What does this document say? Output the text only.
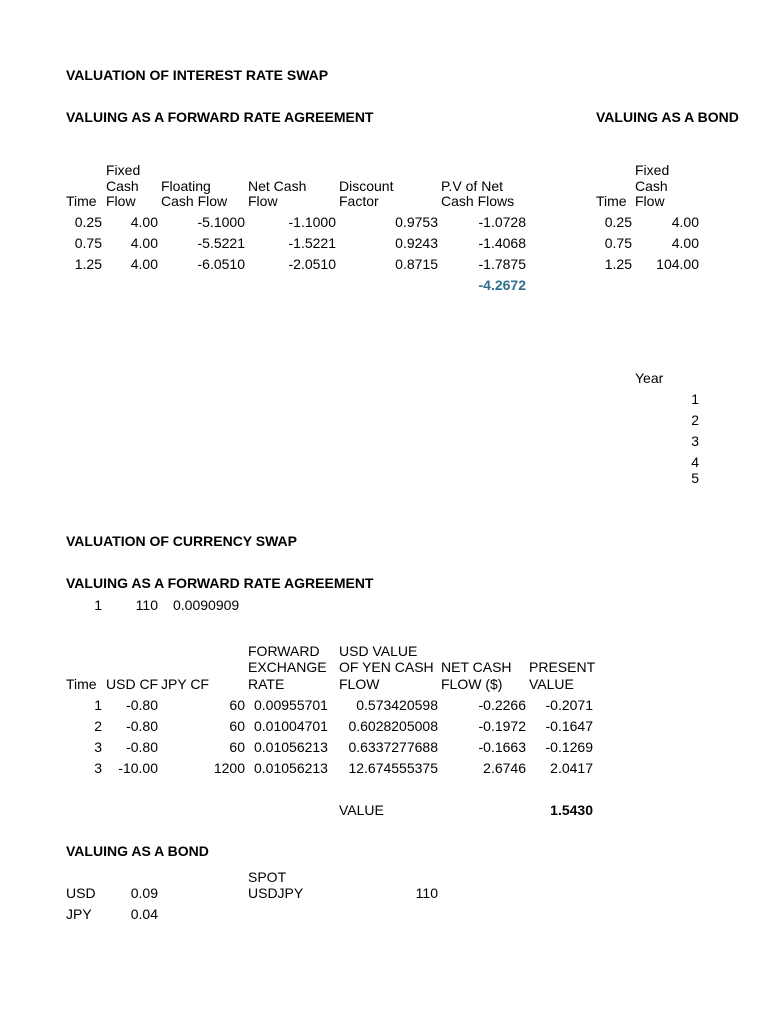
VALUATION OF INTEREST RATE SWAP
VALUING AS A FORWARD RATE AGREEMENT	VALUING AS A BOND
Fixed
Cash
Flow
Time
Floating
Cash Flow
Net Cash
Flow
Discount
Factor
P.V of Net
Cash Flows
0.25	4.00	-5.1000	-1.1000	0.9753	-1.0728
0.75	4.00	-5.5221	-1.5221	0.9243	-1.4068
1.25	4.00	-6.0510	-2.0510	0.8715	-1.7875
-4.2672
Fixed
Cash
Flow
Time
0.25	4.00
0.75	4.00
1.25	104.00
Year
1
2
3
4
5
VALUATION OF CURRENCY SWAP
VALUING AS A FORWARD RATE AGREEMENT
1	110 0.0090909
Time USD CF JPY CF
FORWARD
EXCHANGE
RATE
USD VALUE
OF YEN CASH
FLOW
NET CASH
FLOW ($)
PRESENT
VALUE
1	-0.80	60 0.00955701	0.573420598	-0.2266	-0.2071
2	-0.80	60 0.01004701	0.6028205008	-0.1972	-0.1647
3	-0.80	60 0.01056213	0.6337277688	-0.1663	-0.1269
3	-10.00	1200 0.01056213	12.674555375	2.6746	2.0417
VALUE	1.5430
VALUING AS A BOND
SPOT
USDJPY	110
USD	0.09
JPY	0.04
